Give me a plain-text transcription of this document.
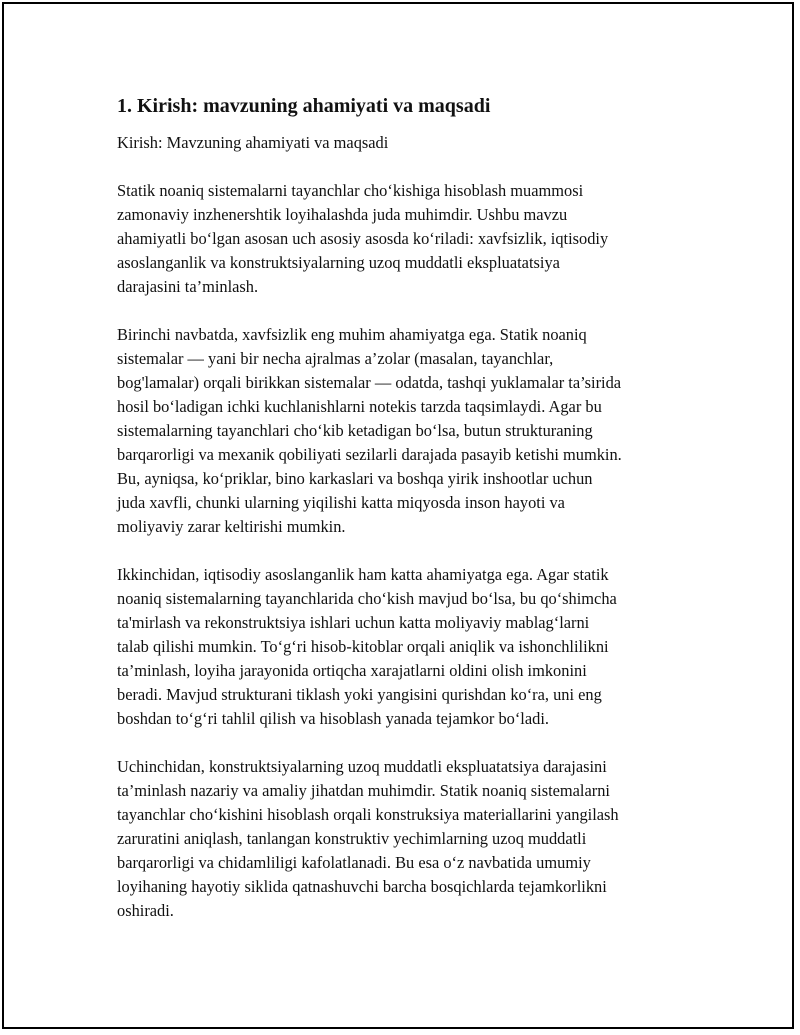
1. Kirish: mavzuning ahamiyati va maqsadi
Kirish: Mavzuning ahamiyati va maqsadi
Statik noaniq sistemalarni tayanchlar cho‘kishiga hisoblash muammosi
zamonaviy inzhenershtik loyihalashda juda muhimdir. Ushbu mavzu
ahamiyatli bo‘lgan asosan uch asosiy asosda ko‘riladi: xavfsizlik, iqtisodiy
asoslanganlik va konstruktsiyalarning uzoq muddatli ekspluatatsiya
darajasini ta’minlash.
Birinchi navbatda, xavfsizlik eng muhim ahamiyatga ega. Statik noaniq
sistemalar — yani bir necha ajralmas a’zolar (masalan, tayanchlar,
bog'lamalar) orqali birikkan sistemalar — odatda, tashqi yuklamalar ta’sirida
hosil bo‘ladigan ichki kuchlanishlarni notekis tarzda taqsimlaydi. Agar bu
sistemalarning tayanchlari cho‘kib ketadigan bo‘lsa, butun strukturaning
barqarorligi va mexanik qobiliyati sezilarli darajada pasayib ketishi mumkin.
Bu, ayniqsa, ko‘priklar, bino karkaslari va boshqa yirik inshootlar uchun
juda xavfli, chunki ularning yiqilishi katta miqyosda inson hayoti va
moliyaviy zarar keltirishi mumkin.
Ikkinchidan, iqtisodiy asoslanganlik ham katta ahamiyatga ega. Agar statik
noaniq sistemalarning tayanchlarida cho‘kish mavjud bo‘lsa, bu qo‘shimcha
ta'mirlash va rekonstruktsiya ishlari uchun katta moliyaviy mablag‘larni
talab qilishi mumkin. To‘g‘ri hisob-kitoblar orqali aniqlik va ishonchlilikni
ta’minlash, loyiha jarayonida ortiqcha xarajatlarni oldini olish imkonini
beradi. Mavjud strukturani tiklash yoki yangisini qurishdan ko‘ra, uni eng
boshdan to‘g‘ri tahlil qilish va hisoblash yanada tejamkor bo‘ladi.
Uchinchidan, konstruktsiyalarning uzoq muddatli ekspluatatsiya darajasini
ta’minlash nazariy va amaliy jihatdan muhimdir. Statik noaniq sistemalarni
tayanchlar cho‘kishini hisoblash orqali konstruksiya materiallarini yangilash
zaruratini aniqlash, tanlangan konstruktiv yechimlarning uzoq muddatli
barqarorligi va chidamliligi kafolatlanadi. Bu esa o‘z navbatida umumiy
loyihaning hayotiy siklida qatnashuvchi barcha bosqichlarda tejamkorlikni
oshiradi.
